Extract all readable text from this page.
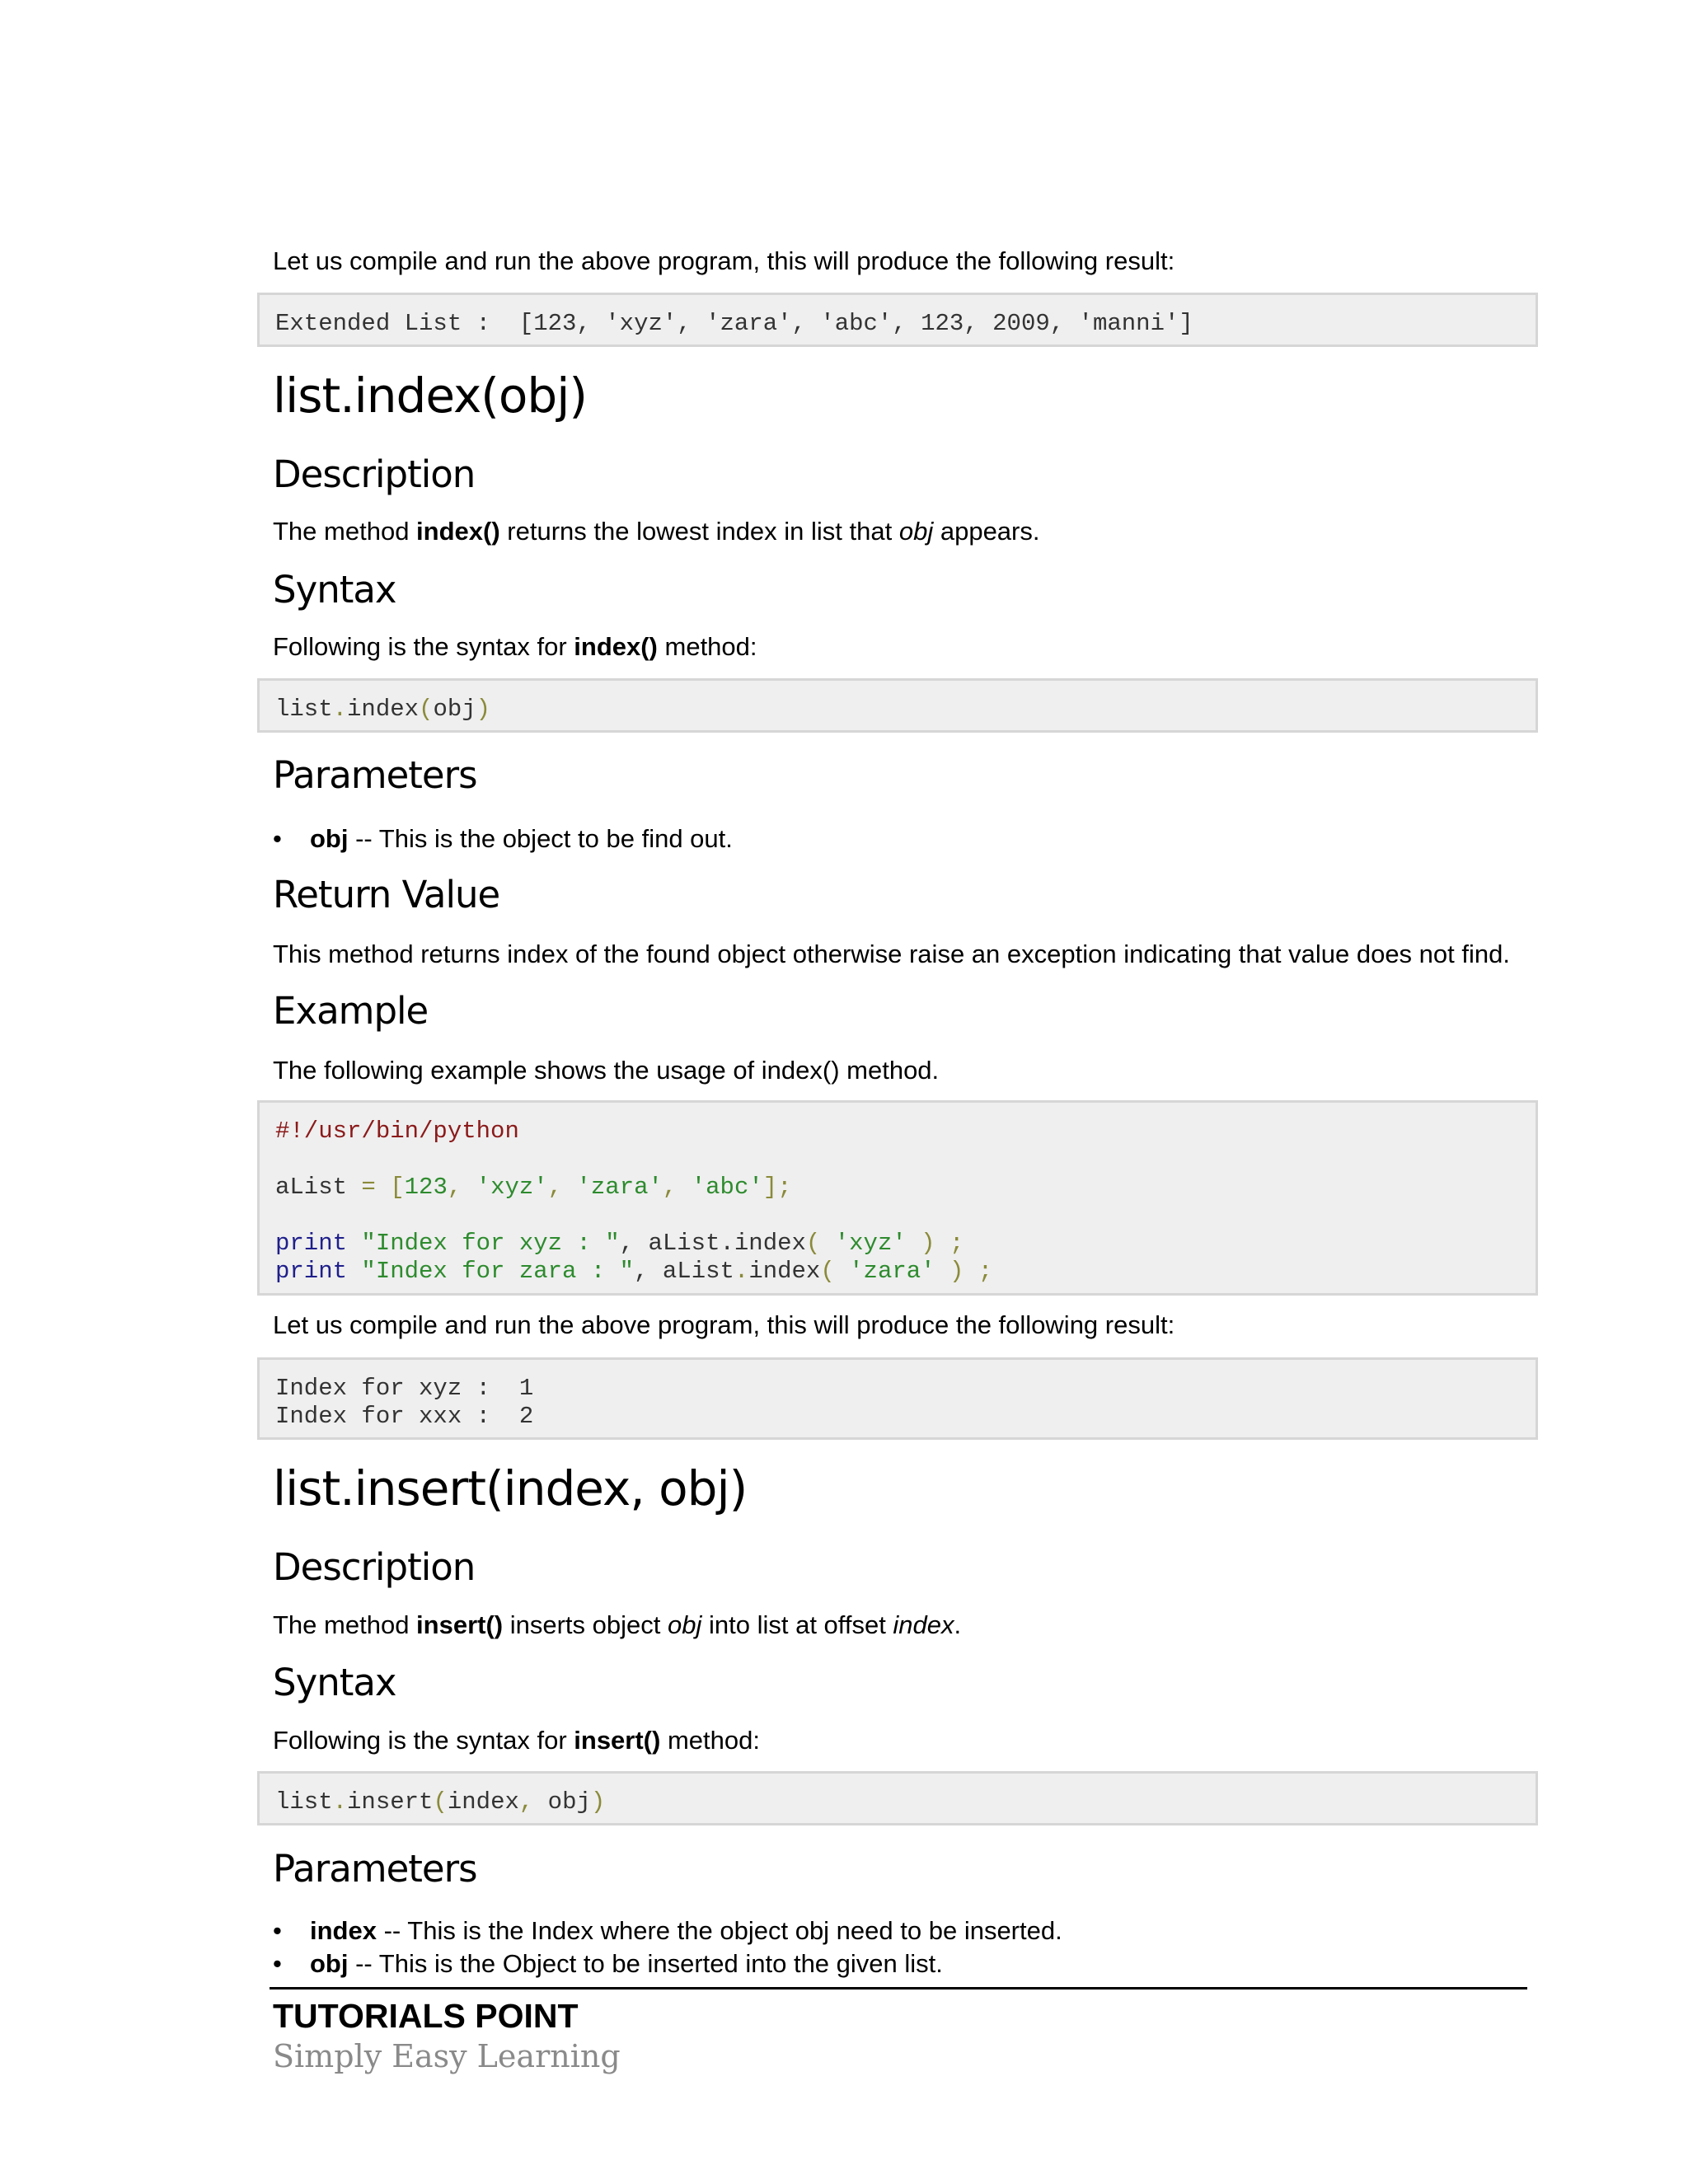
Let us compile and run the above program, this will produce the following result:

Extended List :  [123, 'xyz', 'zara', 'abc', 123, 2009, 'manni']
list.index(obj)
Description

The method index() returns the lowest index in list that obj appears.

Syntax

Following is the syntax for index() method:

list.index(obj)
Parameters
• obj -- This is the object to be find out.
Return Value

This method returns index of the found object otherwise raise an exception indicating that value does not find.

Example

The following example shows the usage of index() method.

#!/usr/bin/python
aList = [123, 'xyz', 'zara', 'abc'];
print "Index for xyz : ", aList.index( 'xyz' ) ;
print "Index for zara : ", aList.index( 'zara' ) ;

Let us compile and run the above program, this will produce the following result:

Index for xyz :  1
Index for xxx :  2
list.insert(index, obj)
Description

The method insert() inserts object obj into list at offset index.

Syntax

Following is the syntax for insert() method:

list.insert(index, obj)
Parameters
• index -- This is the Index where the object obj need to be inserted.
• obj -- This is the Object to be inserted into the given list.
TUTORIALS POINT
Simply Easy Learning
